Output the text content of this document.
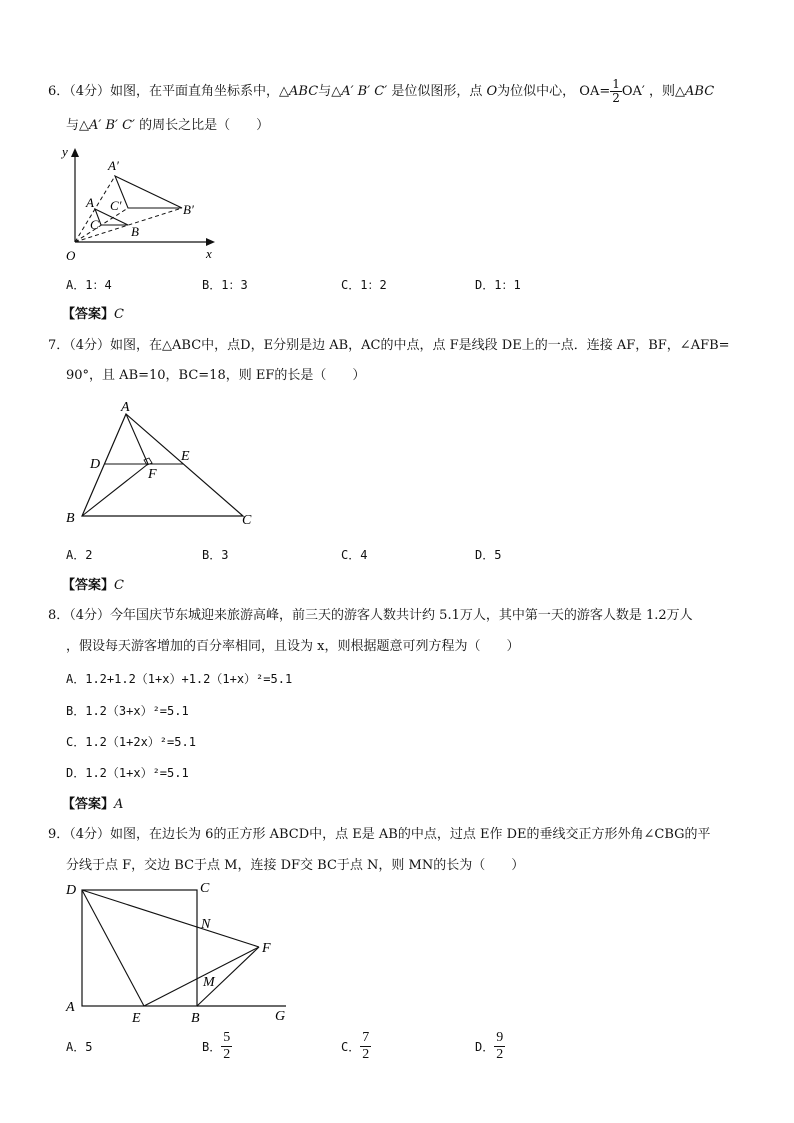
6．（4分）如图，在平面直角坐标系中，△ABC与△A′ B′ C′ 是位似图形，点 O为位似中心， $OA= \frac{1}{2} OA'$ ，则△ABC
与△A′ B′ C′ 的周长之比是（　　）
y
x
O
A′
B′
C′
A
B
C
A．1：4	B．1：3	C．1：2	D．1：1
【答案】C
7．（4分）如图，在△ABC中，点D，E分别是边 AB，AC的中点，点 F是线段 DE上的一点．连接 AF，BF，∠AFB=
90°，且 AB=10，BC=18，则 EF的长是（　　）
A
B	C
D
E
F
A．2	B．3	C．4	D．5
【答案】C
8．（4分）今年国庆节东城迎来旅游高峰，前三天的游客人数共计约 5.1万人，其中第一天的游客人数是 1.2万人
，假设每天游客增加的百分率相同，且设为 x，则根据题意可列方程为（　　）
A．1.2+1.2（1+x）+1.2（1+x）²=5.1
B．1.2（3+x）²=5.1
C．1.2（1+2x）²=5.1
D．1.2（1+x）²=5.1
【答案】A
9．（4分）如图，在边长为 6的正方形 ABCD中，点 E是 AB的中点，过点 E作 DE的垂线交正方形外角∠CBG的平
分线于点 F，交边 BC于点 M，连接 DF交 BC于点 N，则 MN的长为（　　）
D	C
N
F
M
A
E	B	G
A．5	B． $\frac{5}{2}$	C． $\frac{7}{2}$	D． $\frac{9}{2}$
